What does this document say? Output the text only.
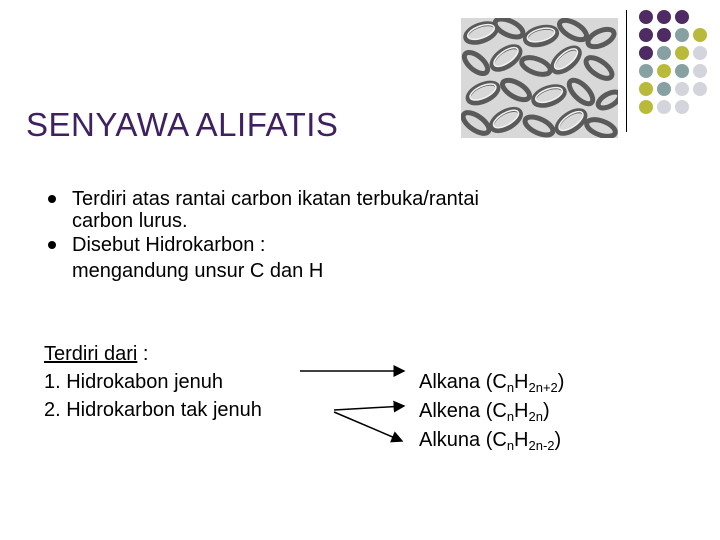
SENYAWA ALIFATIS
Terdiri atas rantai carbon ikatan terbuka/rantai
carbon lurus.
Disebut Hidrokarbon :
mengandung unsur C dan H
Terdiri dari :
1. Hidrokabon jenuh
2. Hidrokarbon tak jenuh
Alkana $(C_nH_{2n+2})$
Alkena $(C_nH_{2n})$
Alkuna $(C_nH_{2n-2})$
